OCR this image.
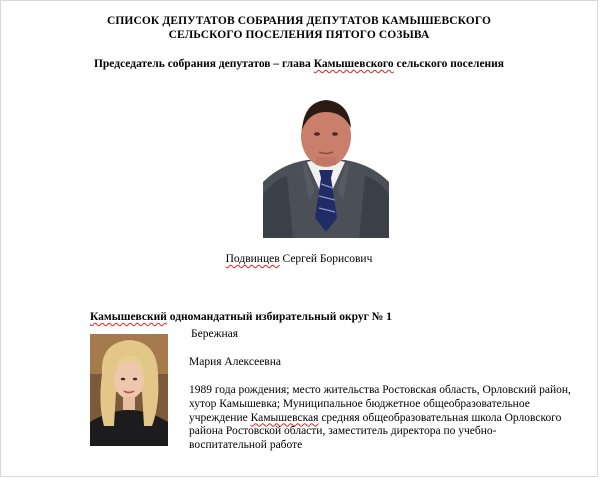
СПИСОК ДЕПУТАТОВ СОБРАНИЯ ДЕПУТАТОВ КАМЫШЕВСКОГО
СЕЛЬСКОГО ПОСЕЛЕНИЯ ПЯТОГО СОЗЫВА
Председатель собрания депутатов – глава Камышевского сельского поселения
Подвинцев Сергей Борисович
Камышевский одномандатный избирательный округ № 1
Бережная
Мария Алексеевна
1989 года рождения; место жительства Ростовская область, Орловский район, хутор Камышевка; Муниципальное бюджетное общеобразовательное учреждение Камышевская средняя общеобразовательная школа Орловского района Ростовской области, заместитель директора по учебно-воспитательной работе
